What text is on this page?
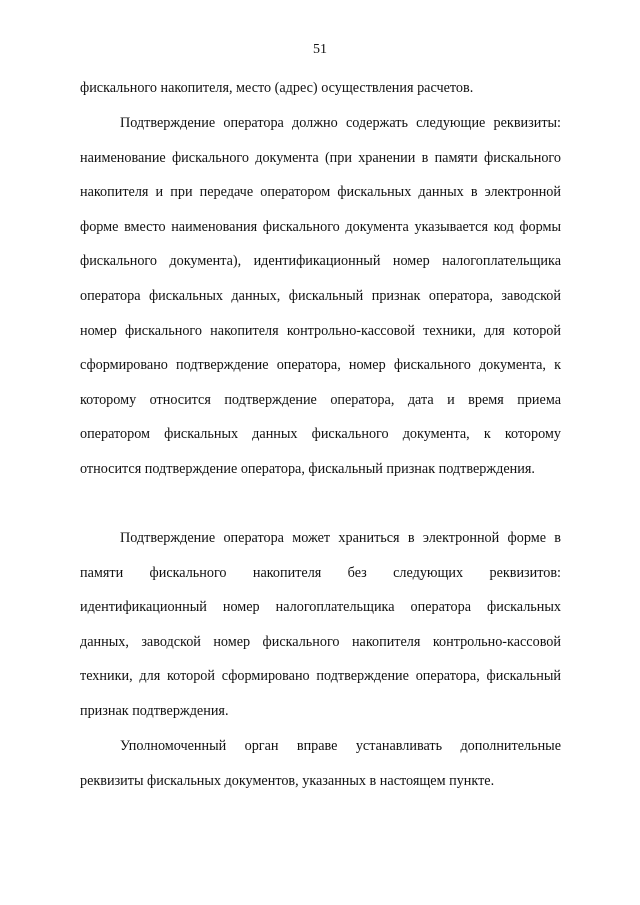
51
фискального накопителя, место (адрес) осуществления расчетов.
Подтверждение оператора должно содержать следующие реквизиты: наименование фискального документа (при хранении в памяти фискального накопителя и при передаче оператором фискальных данных в электронной форме вместо наименования фискального документа указывается код формы фискального документа), идентификационный номер налогоплательщика оператора фискальных данных, фискальный признак оператора, заводской номер фискального накопителя контрольно-кассовой техники, для которой сформировано подтверждение оператора, номер фискального документа, к которому относится подтверждение оператора, дата и время приема оператором фискальных данных фискального документа, к которому относится подтверждение оператора, фискальный признак подтверждения.
Подтверждение оператора может храниться в электронной форме в памяти фискального накопителя без следующих реквизитов: идентификационный номер налогоплательщика оператора фискальных данных, заводской номер фискального накопителя контрольно-кассовой техники, для которой сформировано подтверждение оператора, фискальный признак подтверждения.
Уполномоченный орган вправе устанавливать дополнительные реквизиты фискальных документов, указанных в настоящем пункте.
